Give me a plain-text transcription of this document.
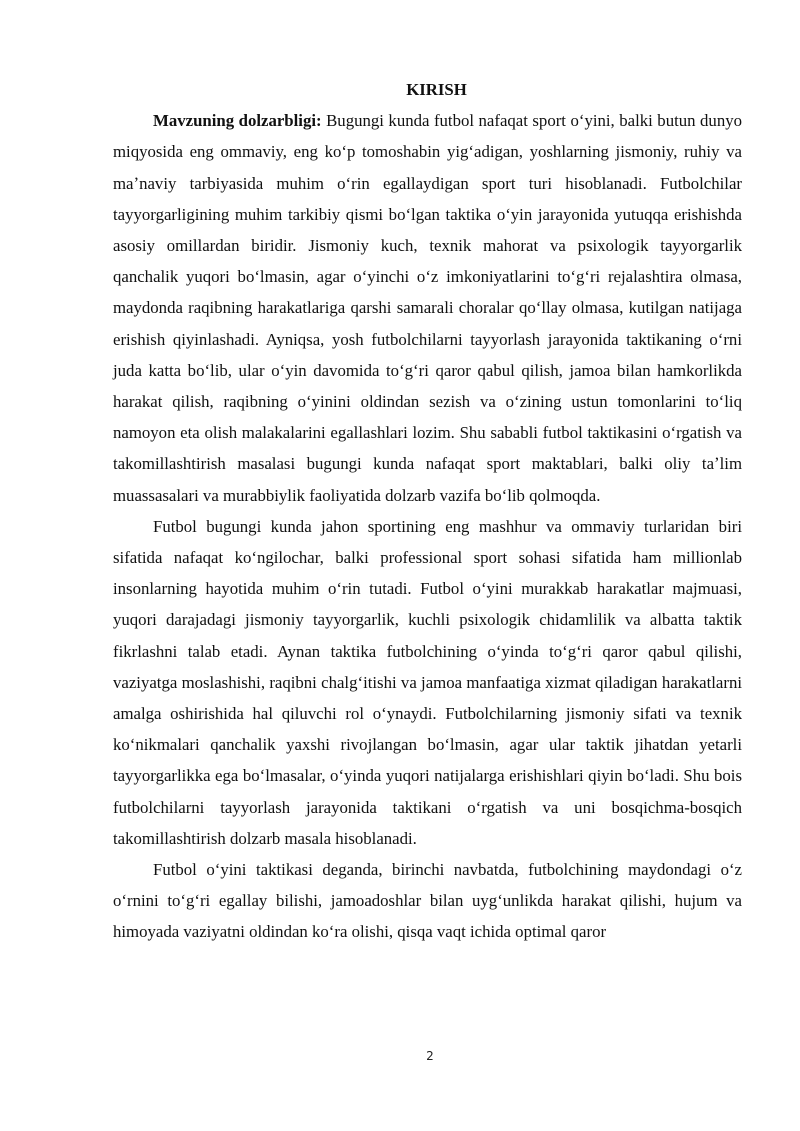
KIRISH

Mavzuning dolzarbligi: Bugungi kunda futbol nafaqat sport oʻyini, balki butun dunyo miqyosida eng ommaviy, eng koʻp tomoshabin yigʻadigan, yoshlarning jismoniy, ruhiy va maʼnaviy tarbiyasida muhim oʻrin egallaydigan sport turi hisoblanadi. Futbolchilar tayyorgarligining muhim tarkibiy qismi boʻlgan taktika oʻyin jarayonida yutuqqa erishishda asosiy omillardan biridir. Jismoniy kuch, texnik mahorat va psixologik tayyorgarlik qanchalik yuqori boʻlmasin, agar oʻyinchi oʻz imkoniyatlarini toʻgʻri rejalashtira olmasa, maydonda raqibning harakatlariga qarshi samarali choralar qoʻllay olmasa, kutilgan natijaga erishish qiyinlashadi. Ayniqsa, yosh futbolchilarni tayyorlash jarayonida taktikaning oʻrni juda katta boʻlib, ular oʻyin davomida toʻgʻri qaror qabul qilish, jamoa bilan hamkorlikda harakat qilish, raqibning oʻyinini oldindan sezish va oʻzining ustun tomonlarini toʻliq namoyon eta olish malakalarini egallashlari lozim. Shu sababli futbol taktikasini oʻrgatish va takomillashtirish masalasi bugungi kunda nafaqat sport maktablari, balki oliy taʼlim muassasalari va murabbiylik faoliyatida dolzarb vazifa boʻlib qolmoqda.

Futbol bugungi kunda jahon sportining eng mashhur va ommaviy turlaridan biri sifatida nafaqat koʻngilochar, balki professional sport sohasi sifatida ham millionlab insonlarning hayotida muhim oʻrin tutadi. Futbol oʻyini murakkab harakatlar majmuasi, yuqori darajadagi jismoniy tayyorgarlik, kuchli psixologik chidamlilik va albatta taktik fikrlashni talab etadi. Aynan taktika futbolchining oʻyinda toʻgʻri qaror qabul qilishi, vaziyatga moslashishi, raqibni chalgʻitishi va jamoa manfaatiga xizmat qiladigan harakatlarni amalga oshirishida hal qiluvchi rol oʻynaydi. Futbolchilarning jismoniy sifati va texnik koʻnikmalari qanchalik yaxshi rivojlangan boʻlmasin, agar ular taktik jihatdan yetarli tayyorgarlikka ega boʻlmasalar, oʻyinda yuqori natijalarga erishishlari qiyin boʻladi. Shu bois futbolchilarni tayyorlash jarayonida taktikani oʻrgatish va uni bosqichma-bosqich takomillashtirish dolzarb masala hisoblanadi.

Futbol oʻyini taktikasi deganda, birinchi navbatda, futbolchining maydondagi oʻz oʻrnini toʻgʻri egallay bilishi, jamoadoshlar bilan uygʻunlikda harakat qilishi, hujum va himoyada vaziyatni oldindan koʻra olishi, qisqa vaqt ichida optimal qaror

2
